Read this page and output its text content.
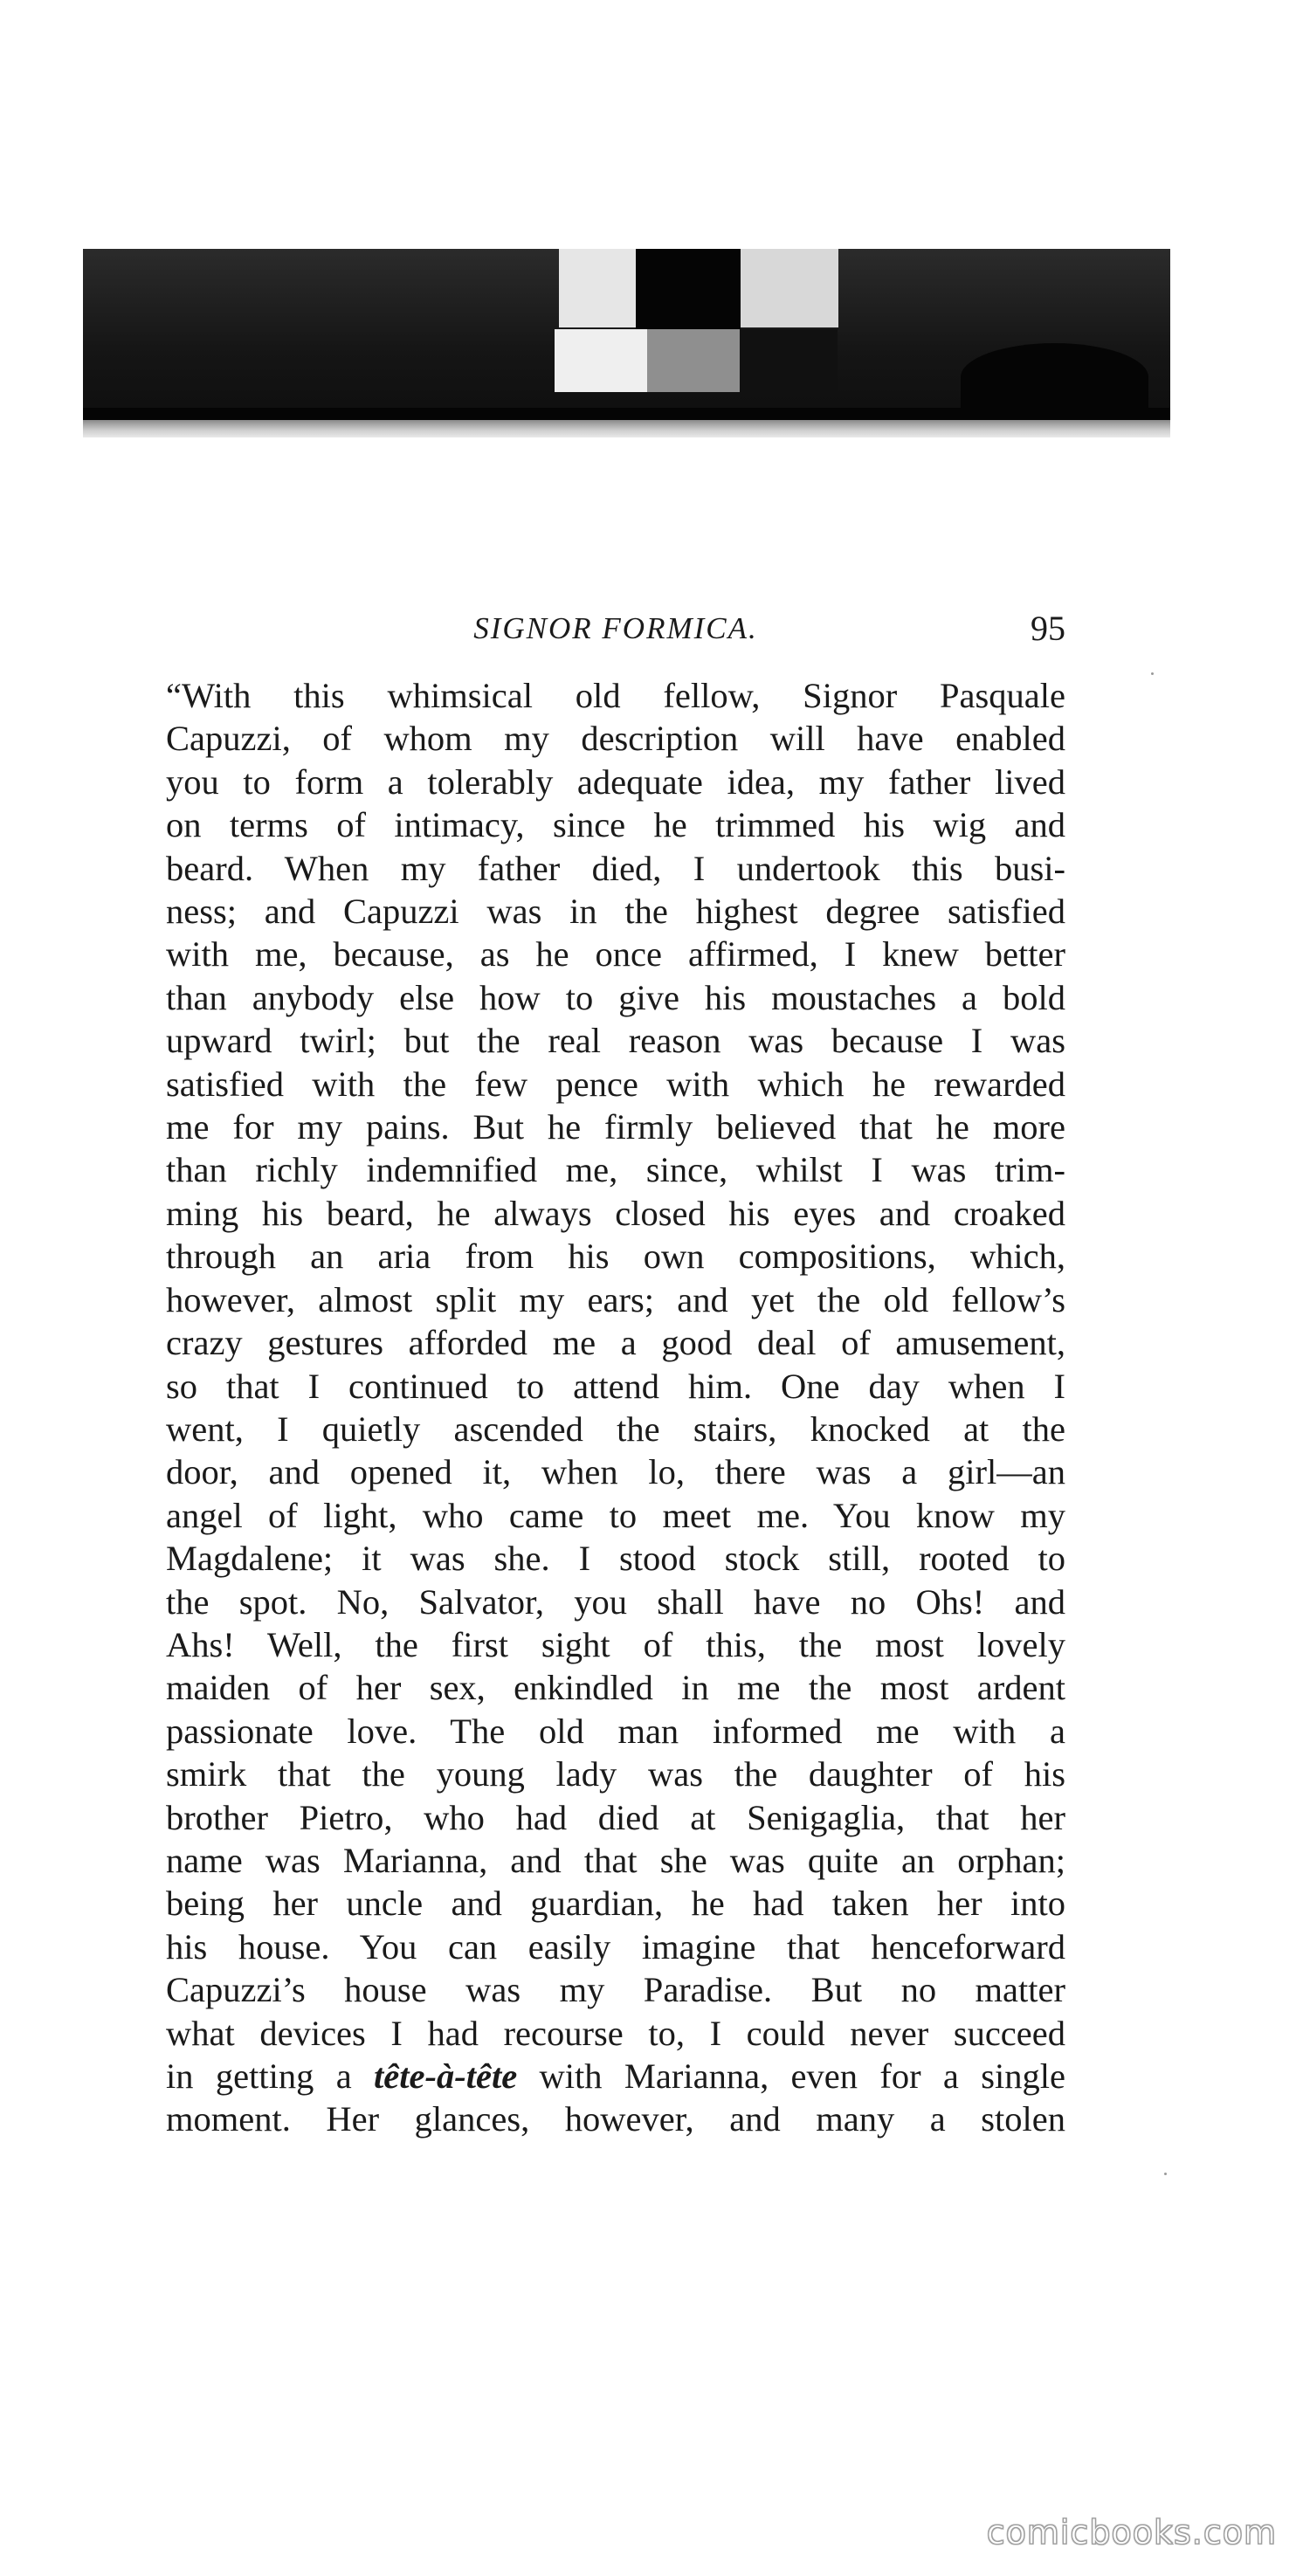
SIGNOR FORMICA.	95
“With this whimsical old fellow, Signor Pasquale
Capuzzi, of whom my description will have enabled
you to form a tolerably adequate idea, my father lived
on terms of intimacy, since he trimmed his wig and
beard. When my father died, I undertook this busi-
ness; and Capuzzi was in the highest degree satisfied
with me, because, as he once affirmed, I knew better
than anybody else how to give his moustaches a bold
upward twirl; but the real reason was because I was
satisfied with the few pence with which he rewarded
me for my pains. But he firmly believed that he more
than richly indemnified me, since, whilst I was trim-
ming his beard, he always closed his eyes and croaked
through an aria from his own compositions, which,
however, almost split my ears; and yet the old fellow’s
crazy gestures afforded me a good deal of amusement,
so that I continued to attend him. One day when I
went, I quietly ascended the stairs, knocked at the
door, and opened it, when lo, there was a girl—an
angel of light, who came to meet me. You know my
Magdalene; it was she. I stood stock still, rooted to
the spot. No, Salvator, you shall have no Ohs! and
Ahs! Well, the first sight of this, the most lovely
maiden of her sex, enkindled in me the most ardent
passionate love. The old man informed me with a
smirk that the young lady was the daughter of his
brother Pietro, who had died at Senigaglia, that her
name was Marianna, and that she was quite an orphan;
being her uncle and guardian, he had taken her into
his house. You can easily imagine that henceforward
Capuzzi’s house was my Paradise. But no matter
what devices I had recourse to, I could never succeed
in getting a tête-à-tête with Marianna, even for a single
moment. Her glances, however, and many a stolen
comicbooks.com
